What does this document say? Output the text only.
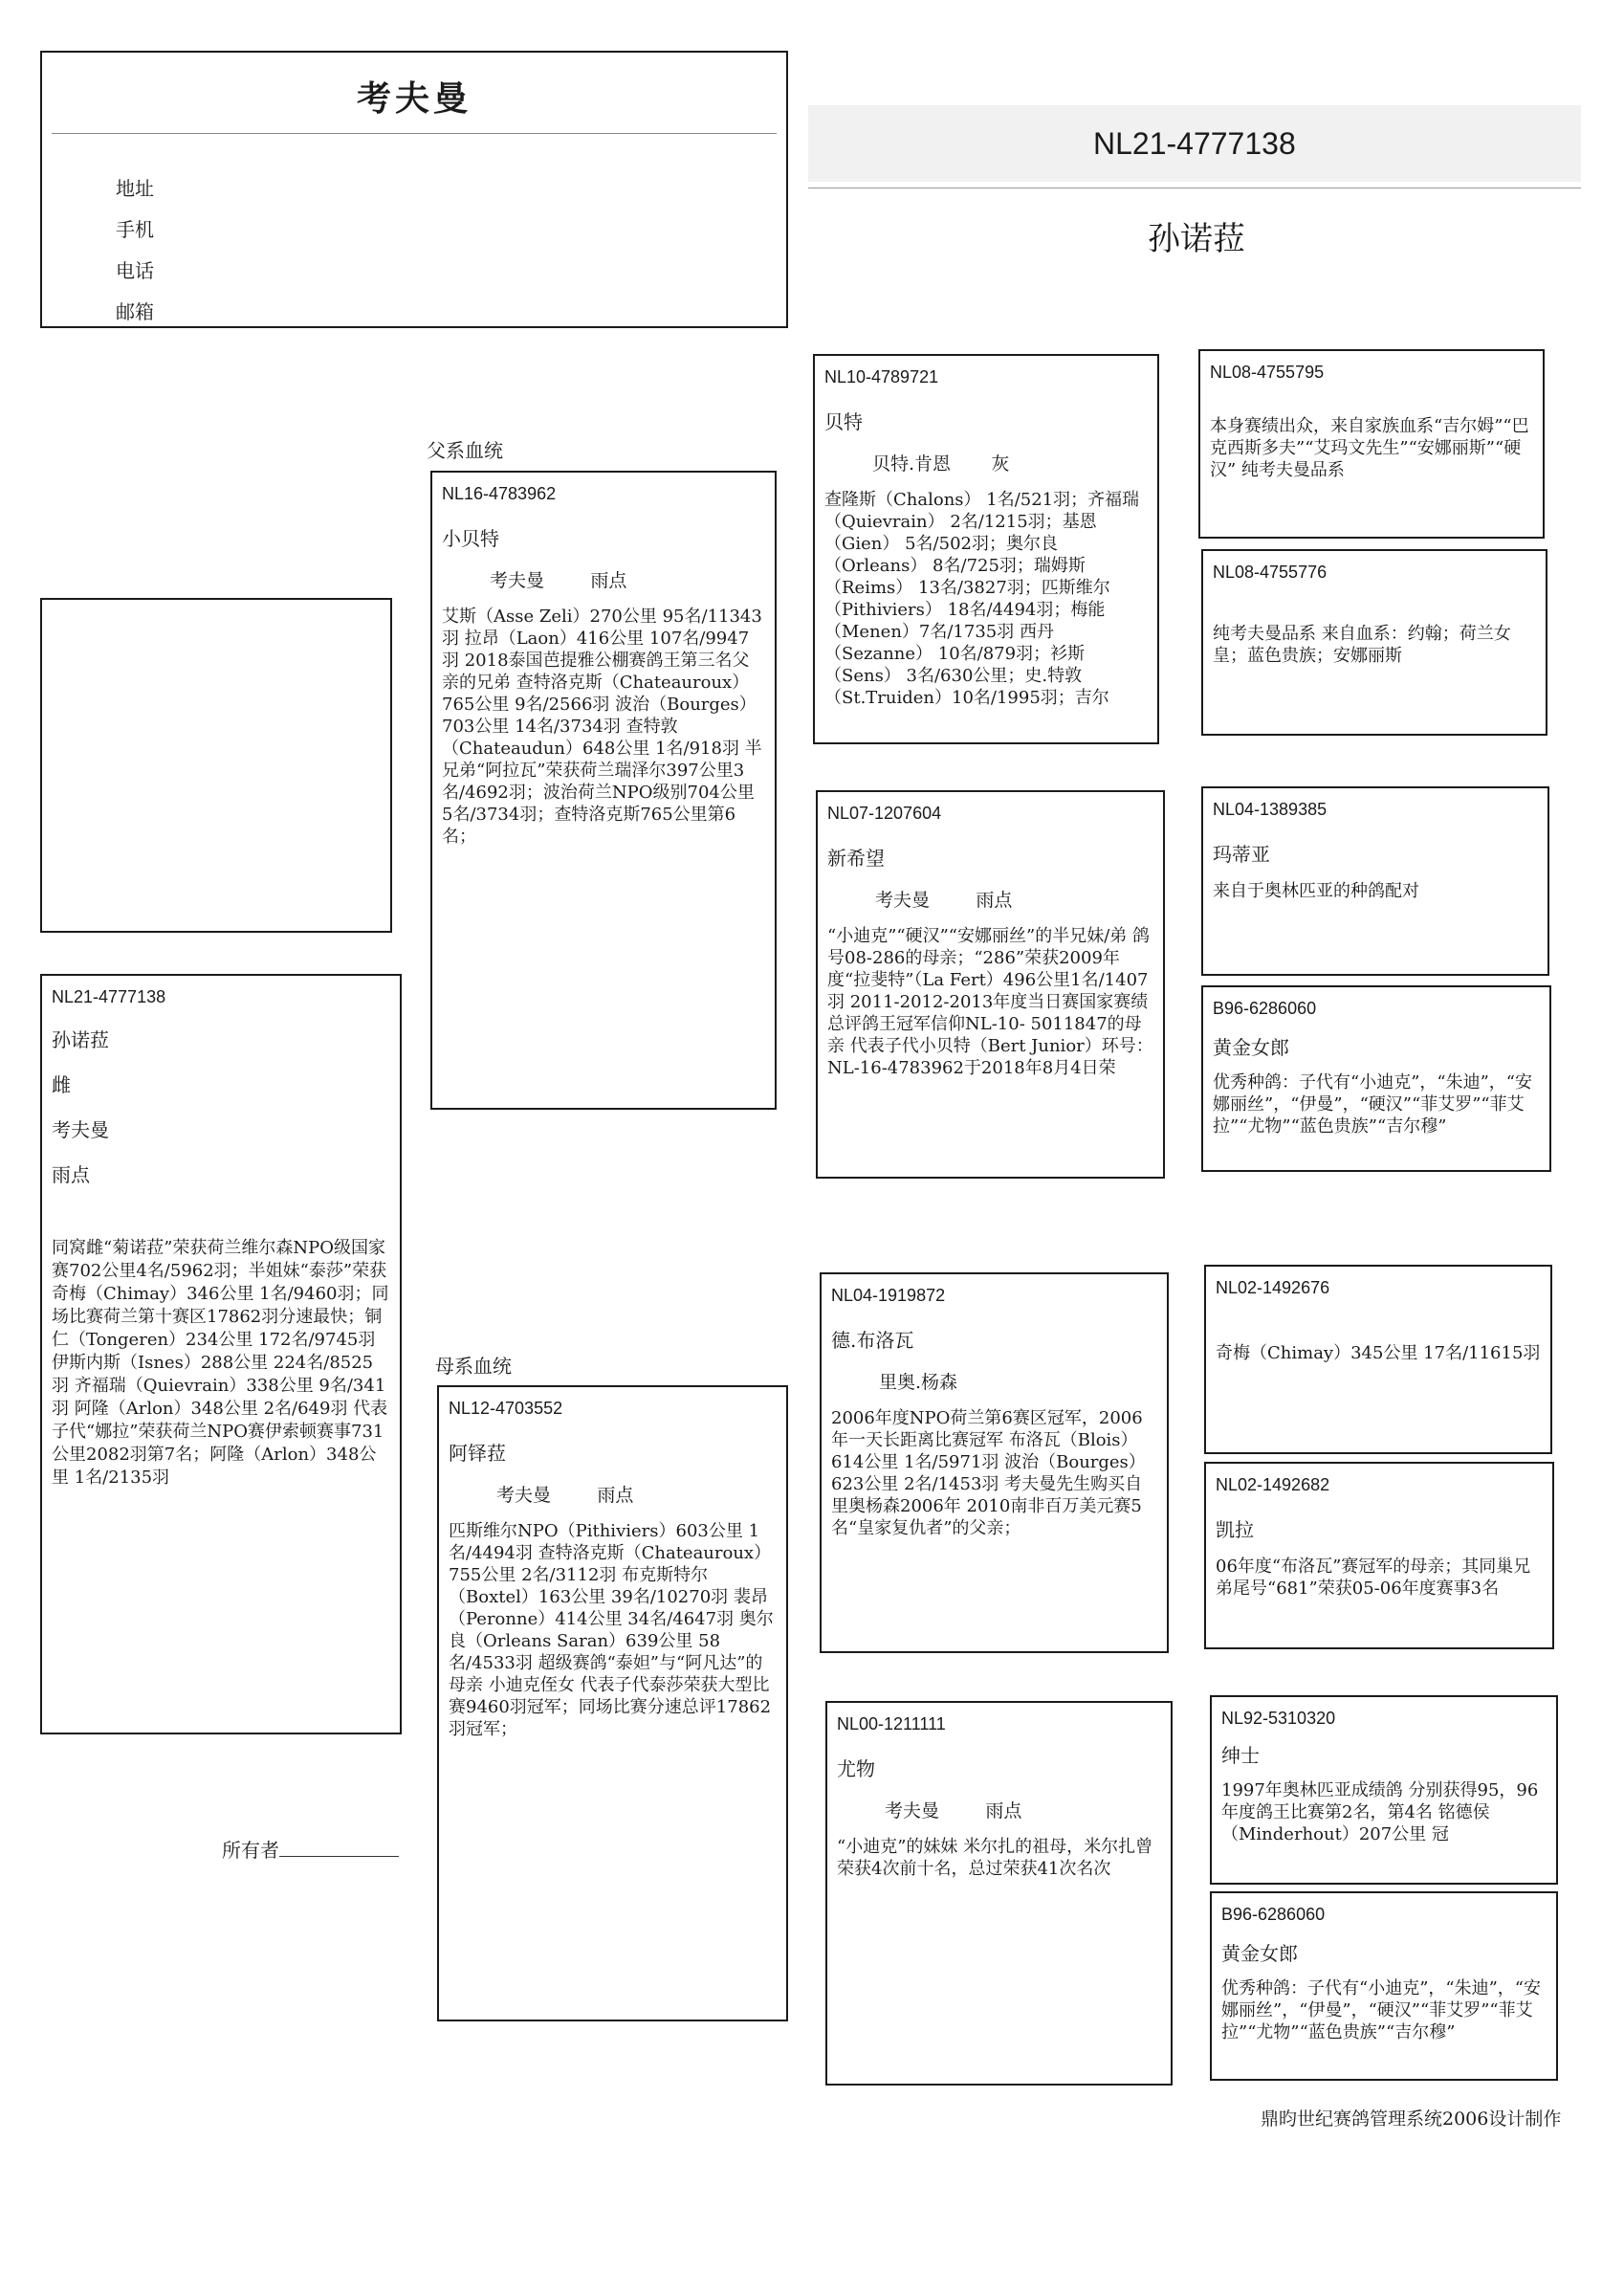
考夫曼
地址
手机
电话
邮箱
NL21-4777138
孙诺菈
NL21-4777138
孙诺菈
雌
考夫曼
雨点
同窝雌“菊诺菈”荣获荷兰维尔森NPO级国家赛702公里4名/5962羽；半姐妹“泰莎”荣获奇梅（Chimay）346公里 1名/9460羽；同场比赛荷兰第十赛区17862羽分速最快；铜仁（Tongeren）234公里 172名/9745羽 伊斯内斯（Isnes）288公里 224名/8525羽 齐福瑞（Quievrain）338公里 9名/341羽 阿隆（Arlon）348公里 2名/649羽 代表子代“娜拉”荣获荷兰NPO赛伊索顿赛事731公里2082羽第7名；阿隆（Arlon）348公里 1名/2135羽
所有者
父系血统
NL16-4783962
小贝特
考夫曼        雨点
艾斯（Asse Zeli）270公里 95名/11343羽 拉昂（Laon）416公里 107名/9947羽 2018泰国芭提雅公棚赛鸽王第三名父亲的兄弟 查特洛克斯（Chateauroux）765公里 9名/2566羽 波治（Bourges）703公里 14名/3734羽 查特敦（Chateaudun）648公里 1名/918羽 半兄弟“阿拉瓦”荣获荷兰瑞泽尔397公里3名/4692羽；波治荷兰NPO级别704公里5名/3734羽；查特洛克斯765公里第6名；
母系血统
NL12-4703552
阿铎菈
考夫曼        雨点
匹斯维尔NPO（Pithiviers）603公里 1名/4494羽 查特洛克斯（Chateauroux）755公里 2名/3112羽 布克斯特尔（Boxtel）163公里 39名/10270羽 裴昂（Peronne）414公里 34名/4647羽 奥尔良（Orleans Saran）639公里 58名/4533羽 超级赛鸽“泰妲”与“阿凡达”的母亲 小迪克侄女 代表子代泰莎荣获大型比赛9460羽冠军；同场比赛分速总评17862羽冠军；
NL10-4789721
贝特
贝特.肯恩       灰
查隆斯（Chalons） 1名/521羽；齐福瑞（Quievrain） 2名/1215羽；基恩（Gien） 5名/502羽；奥尔良（Orleans） 8名/725羽；瑞姆斯（Reims） 13名/3827羽；匹斯维尔（Pithiviers） 18名/4494羽；梅能（Menen）7名/1735羽 西丹（Sezanne） 10名/879羽；衫斯（Sens） 3名/630公里；史.特敦（St.Truiden）10名/1995羽；吉尔
NL07-1207604
新希望
考夫曼        雨点
“小迪克”“硬汉”“安娜丽丝”的半兄妹/弟 鸽号08-286的母亲；“286”荣获2009年度“拉斐特”（La Fert）496公里1名/1407羽 2011-2012-2013年度当日赛国家赛绩总评鸽王冠军信仰NL-10- 5011847的母亲 代表子代小贝特（Bert Junior）环号：NL-16-4783962于2018年8月4日荣
NL04-1919872
德.布洛瓦
里奥.杨森
2006年度NPO荷兰第6赛区冠军，2006年一天长距离比赛冠军 布洛瓦（Blois）614公里 1名/5971羽 波治（Bourges）623公里 2名/1453羽 考夫曼先生购买自里奥杨森2006年 2010南非百万美元赛5名“皇家复仇者”的父亲；
NL00-1211111
尤物
考夫曼        雨点
“小迪克”的妹妹 米尔扎的祖母，米尔扎曾荣获4次前十名，总过荣获41次名次
NL08-4755795
本身赛绩出众，来自家族血系“吉尔姆”“巴克西斯多夫”“艾玛文先生”“安娜丽斯”“硬汉” 纯考夫曼品系
NL08-4755776
纯考夫曼品系 来自血系：约翰；荷兰女皇；蓝色贵族；安娜丽斯
NL04-1389385
玛蒂亚
来自于奥林匹亚的种鸽配对
B96-6286060
黄金女郎
优秀种鸽：子代有“小迪克”，“朱迪”，“安娜丽丝”，“伊曼”，“硬汉”“菲艾罗”“菲艾拉”“尤物”“蓝色贵族”“吉尔穆”
NL02-1492676
奇梅（Chimay）345公里 17名/11615羽
NL02-1492682
凯拉
06年度“布洛瓦”赛冠军的母亲；其同巢兄弟尾号“681”荣获05-06年度赛事3名
NL92-5310320
绅士
1997年奥林匹亚成绩鸽 分别获得95，96年度鸽王比赛第2名，第4名 铭德侯（Minderhout）207公里 冠
B96-6286060
黄金女郎
优秀种鸽：子代有“小迪克”，“朱迪”，“安娜丽丝”，“伊曼”，“硬汉”“菲艾罗”“菲艾拉”“尤物”“蓝色贵族”“吉尔穆”
鼎昀世纪赛鸽管理系统2006设计制作
